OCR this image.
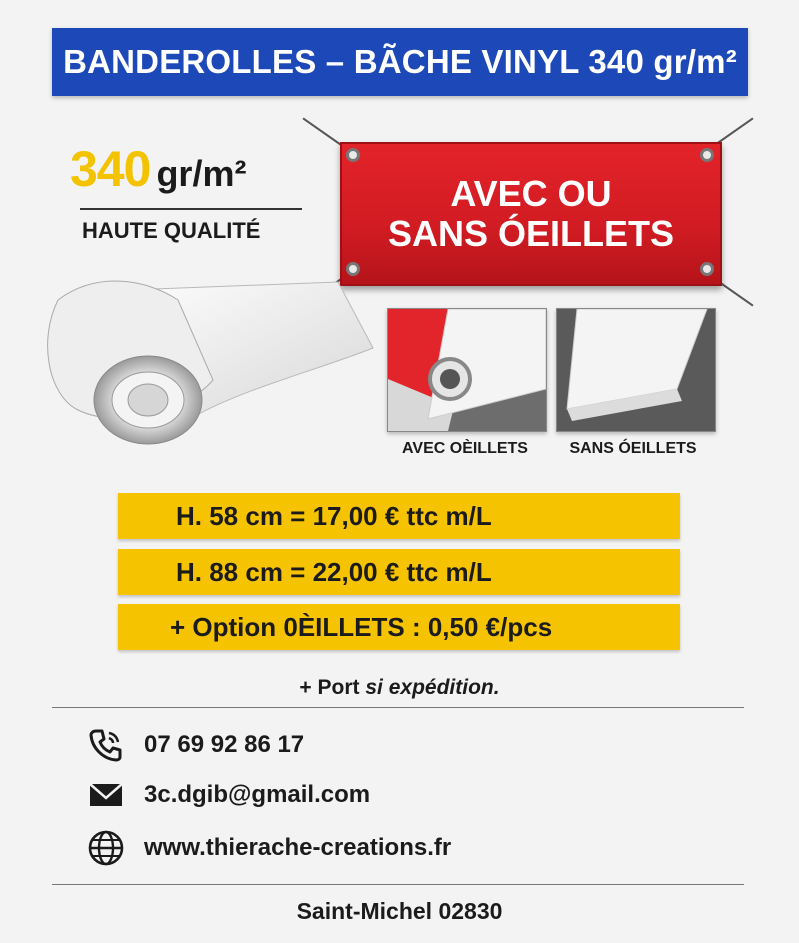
BANDEROLLES – BÃCHE VINYL 340 gr/m²
340 gr/m²
HAUTE QUALITÉ
AVEC OU
SANS ÓEILLETS
AVEC OÈILLETS	SANS ÓEILLETS
H. 58 cm = 17,00 € ttc m/L
H. 88 cm = 22,00 € ttc m/L
+ Option 0ÈILLETS : 0,50 €/pcs
+ Port si expédition.
07 69 92 86 17
3c.dgib@gmail.com
www.thierache-creations.fr
Saint-Michel 02830
